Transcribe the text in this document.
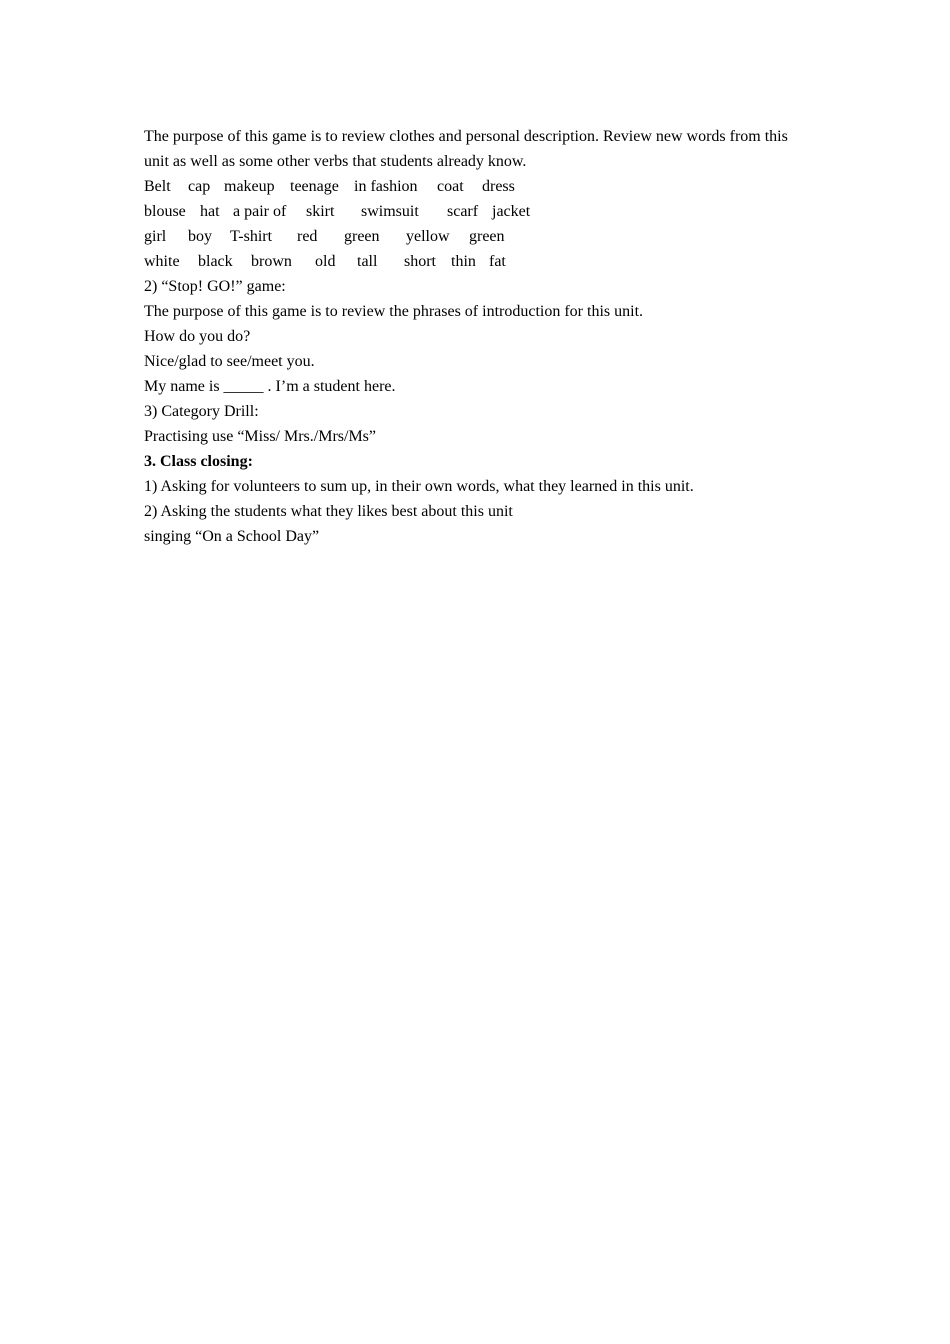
The purpose of this game is to review clothes and personal description. Review new words from this unit as well as some other verbs that students already know.

Belt cap makeup teenage in fashion coat dress
blouse hat a pair of skirt swimsuit scarf jacket
girl boy T-shirt red green yellow green
white black brown old tall short thin fat
2) “Stop! GO!” game:
The purpose of this game is to review the phrases of introduction for this unit.
How do you do?
Nice/glad to see/meet you.
My name is _____ . I’m a student here.
3) Category Drill:
Practising use “Miss/ Mrs./Mrs/Ms”
3. Class closing:
1) Asking for volunteers to sum up, in their own words, what they learned in this unit.
2) Asking the students what they likes best about this unit
singing “On a School Day”
